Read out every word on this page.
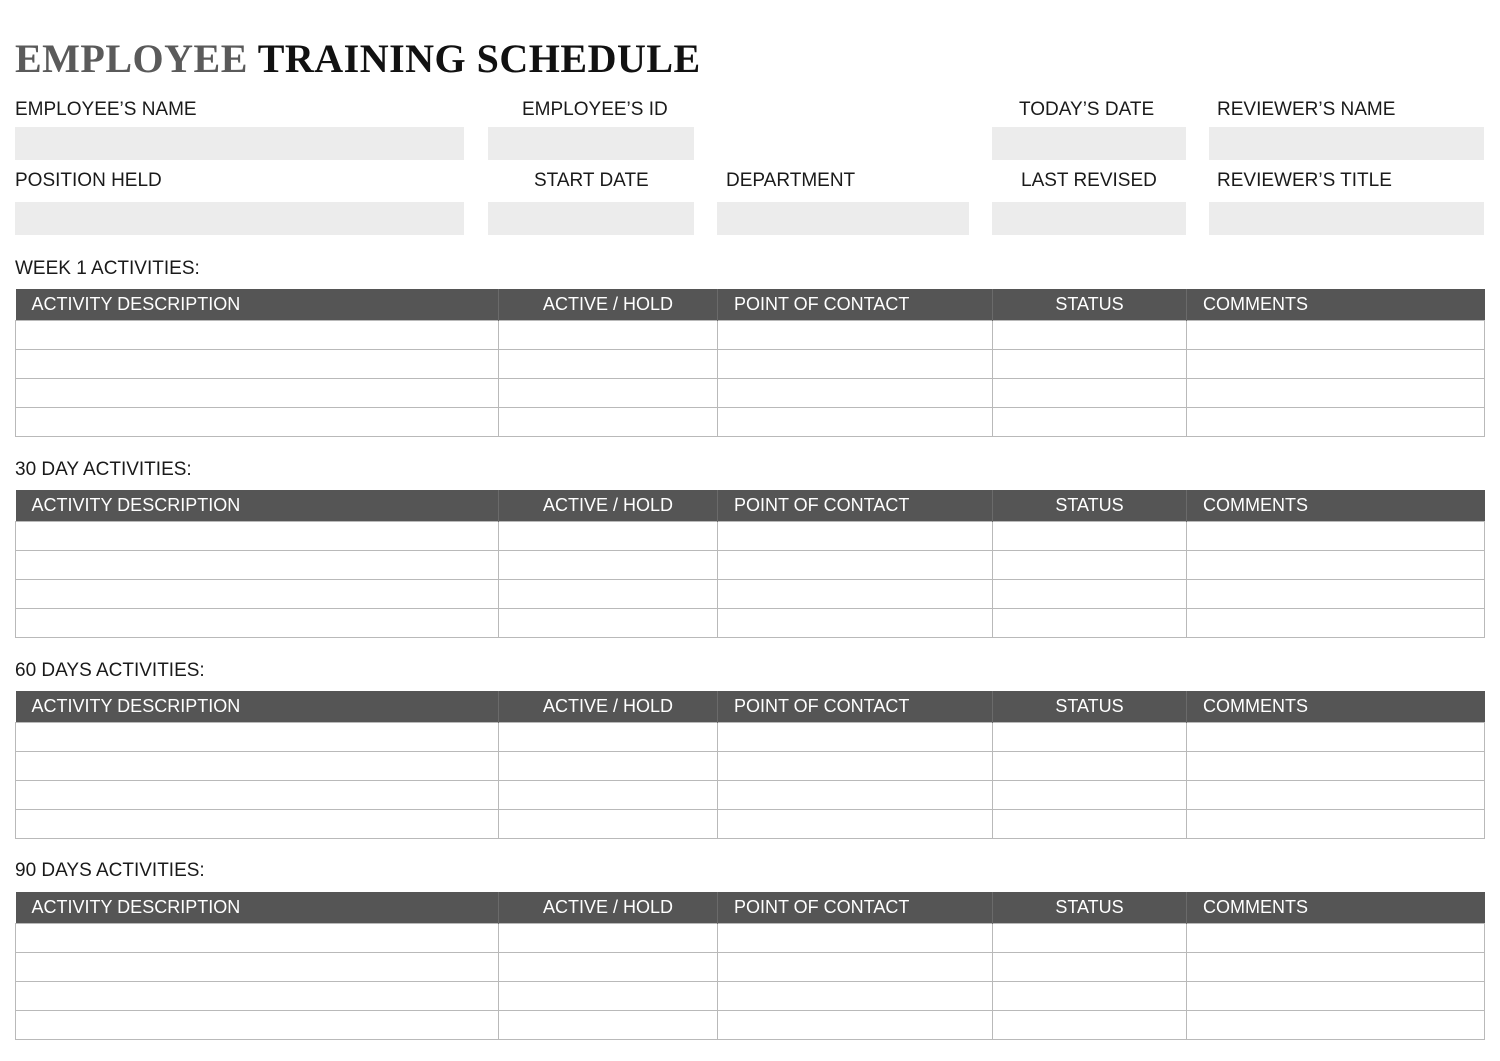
EMPLOYEE TRAINING SCHEDULE
EMPLOYEE’S NAME	EMPLOYEE’S ID	TODAY’S DATE	REVIEWER’S NAME
POSITION HELD	START DATE	DEPARTMENT	LAST REVISED	REVIEWER’S TITLE
WEEK 1 ACTIVITIES:
30 DAY ACTIVITIES:
60 DAYS ACTIVITIES:
90 DAYS ACTIVITIES:
ACTIVITY DESCRIPTION	ACTIVE / HOLD	POINT OF CONTACT	STATUS	COMMENTS

ACTIVITY DESCRIPTION	ACTIVE / HOLD	POINT OF CONTACT	STATUS	COMMENTS

ACTIVITY DESCRIPTION	ACTIVE / HOLD	POINT OF CONTACT	STATUS	COMMENTS

ACTIVITY DESCRIPTION	ACTIVE / HOLD	POINT OF CONTACT	STATUS	COMMENTS
